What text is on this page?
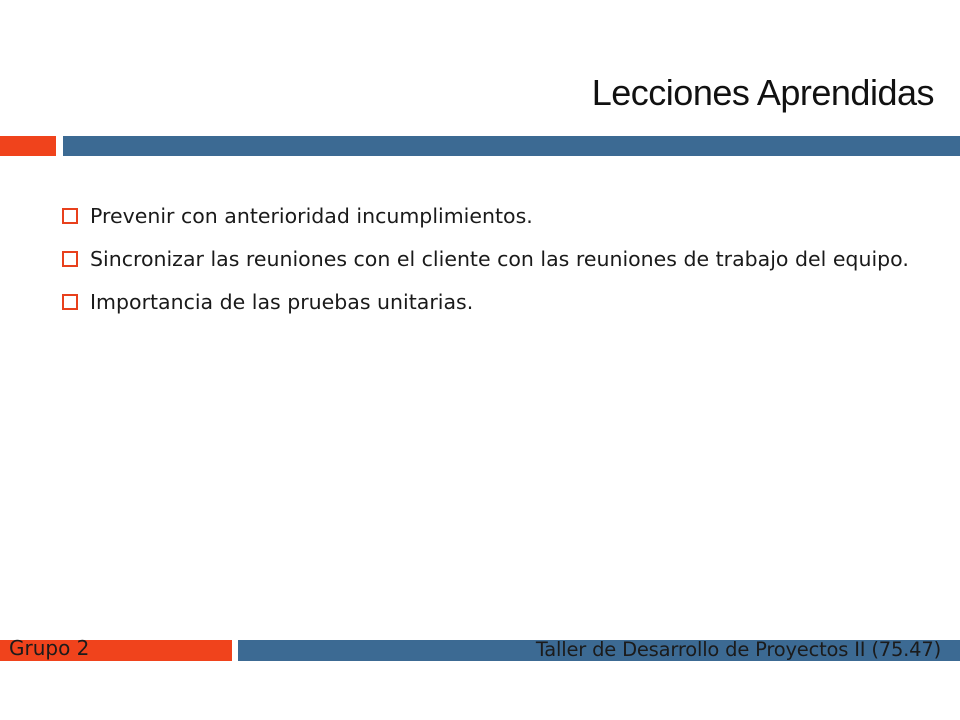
Lecciones Aprendidas
Prevenir con anterioridad incumplimientos.
Sincronizar las reuniones con el cliente con las reuniones de trabajo del equipo.
Importancia de las pruebas unitarias.
Grupo 2	Taller de Desarrollo de Proyectos II (75.47)
